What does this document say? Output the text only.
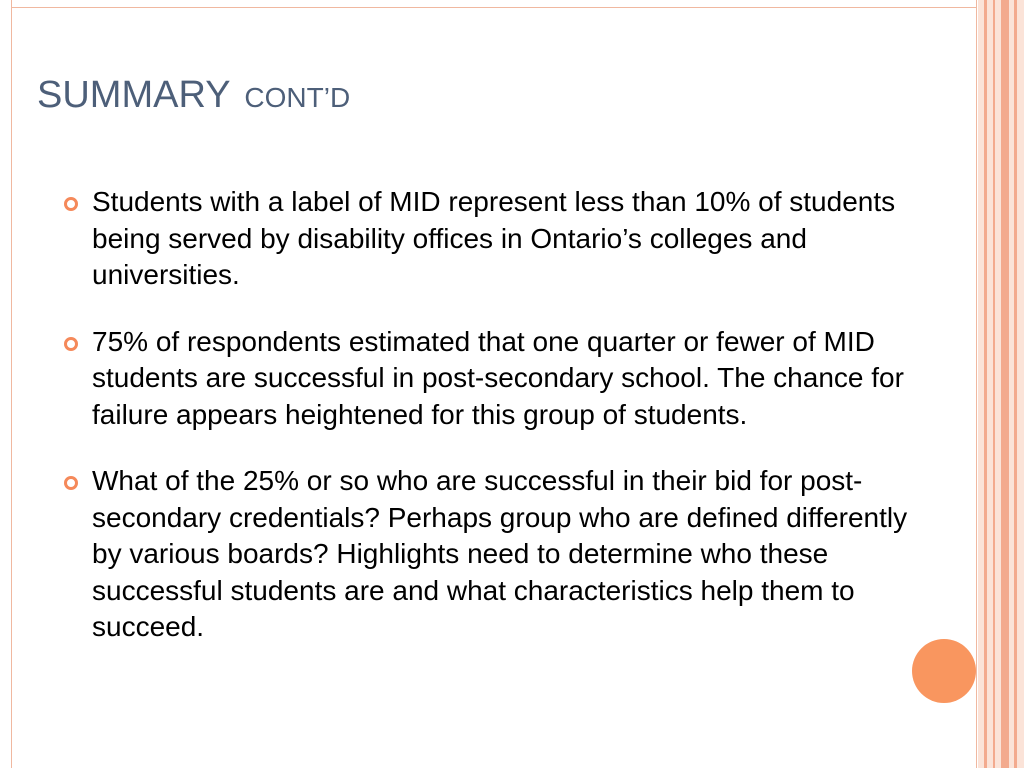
SUMMARY CONT’D
Students with a label of MID represent less than 10% of students being served by disability offices in Ontario’s colleges and universities.
75% of respondents estimated that one quarter or fewer of MID students are successful in post-secondary school. The chance for failure appears heightened for this group of students.
What of the 25% or so who are successful in their bid for post-secondary credentials? Perhaps group who are defined differently by various boards? Highlights need to determine who these successful students are and what characteristics help them to succeed.
